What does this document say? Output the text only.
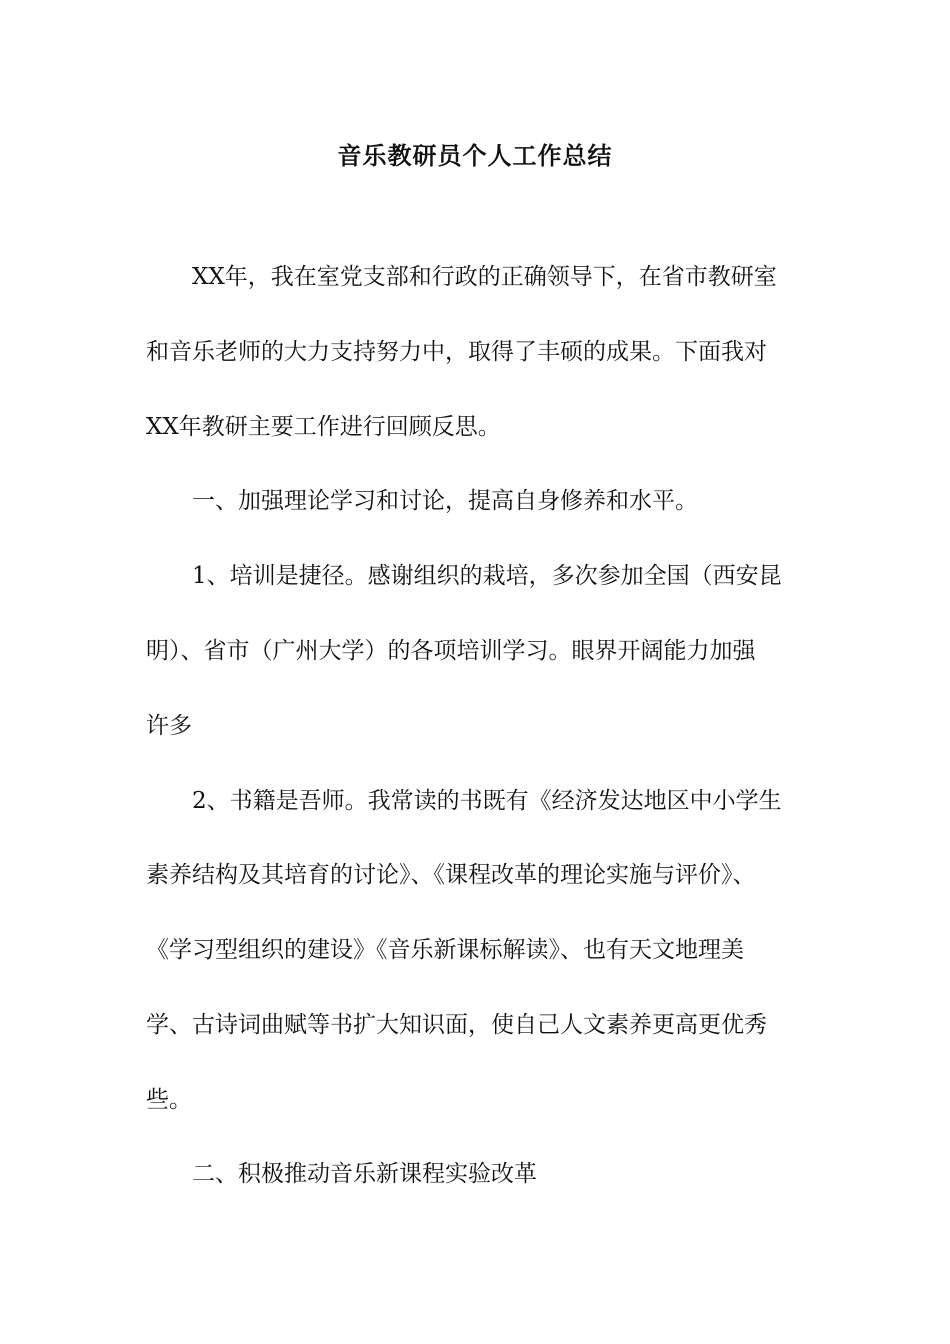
音乐教研员个人工作总结

XX年，我在室党支部和行政的正确领导下，在省市教研室

和音乐老师的大力支持努力中，取得了丰硕的成果。下面我对

XX年教研主要工作进行回顾反思。

一、加强理论学习和讨论，提高自身修养和水平。

1、培训是捷径。感谢组织的栽培，多次参加全国（西安昆

明）、省市（广州大学）的各项培训学习。眼界开阔能力加强

许多

2、书籍是吾师。我常读的书既有《经济发达地区中小学生

素养结构及其培育的讨论》、《课程改革的理论实施与评价》、

《学习型组织的建设》《音乐新课标解读》、也有天文地理美

学、古诗词曲赋等书扩大知识面，使自己人文素养更高更优秀

些。

二、积极推动音乐新课程实验改革
